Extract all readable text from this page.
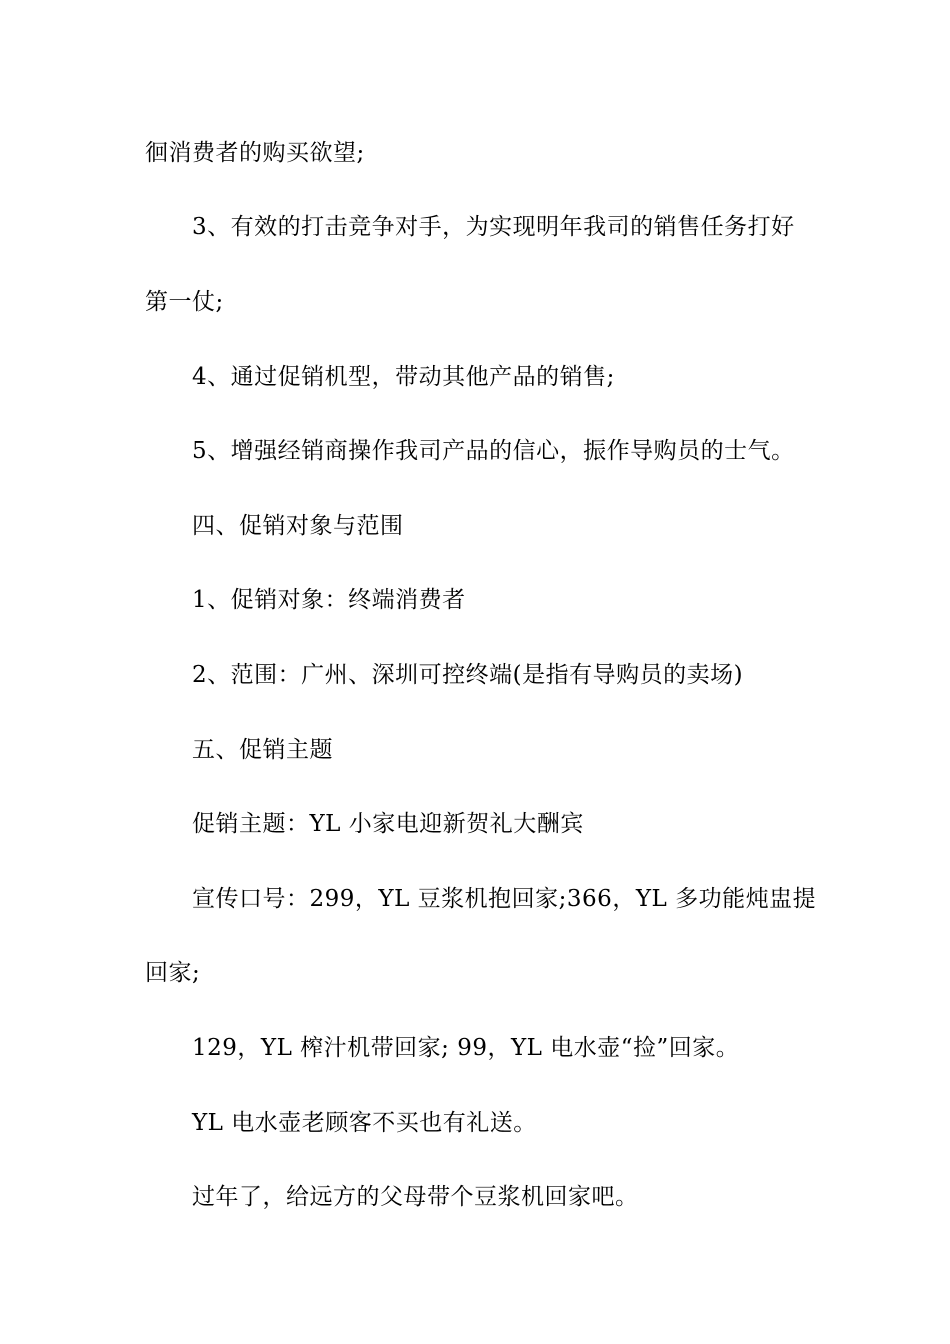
徊消费者的购买欲望;
3、有效的打击竞争对手，为实现明年我司的销售任务打好
第一仗;
4、通过促销机型，带动其他产品的销售;
5、增强经销商操作我司产品的信心，振作导购员的士气。
四、促销对象与范围
1、促销对象：终端消费者
2、范围：广州、深圳可控终端(是指有导购员的卖场)
五、促销主题
促销主题：YL 小家电迎新贺礼大酬宾
宣传口号：299，YL 豆浆机抱回家;366，YL 多功能炖盅提
回家;
129，YL 榨汁机带回家; 99，YL 电水壶“捡”回家。
YL 电水壶老顾客不买也有礼送。
过年了，给远方的父母带个豆浆机回家吧。
